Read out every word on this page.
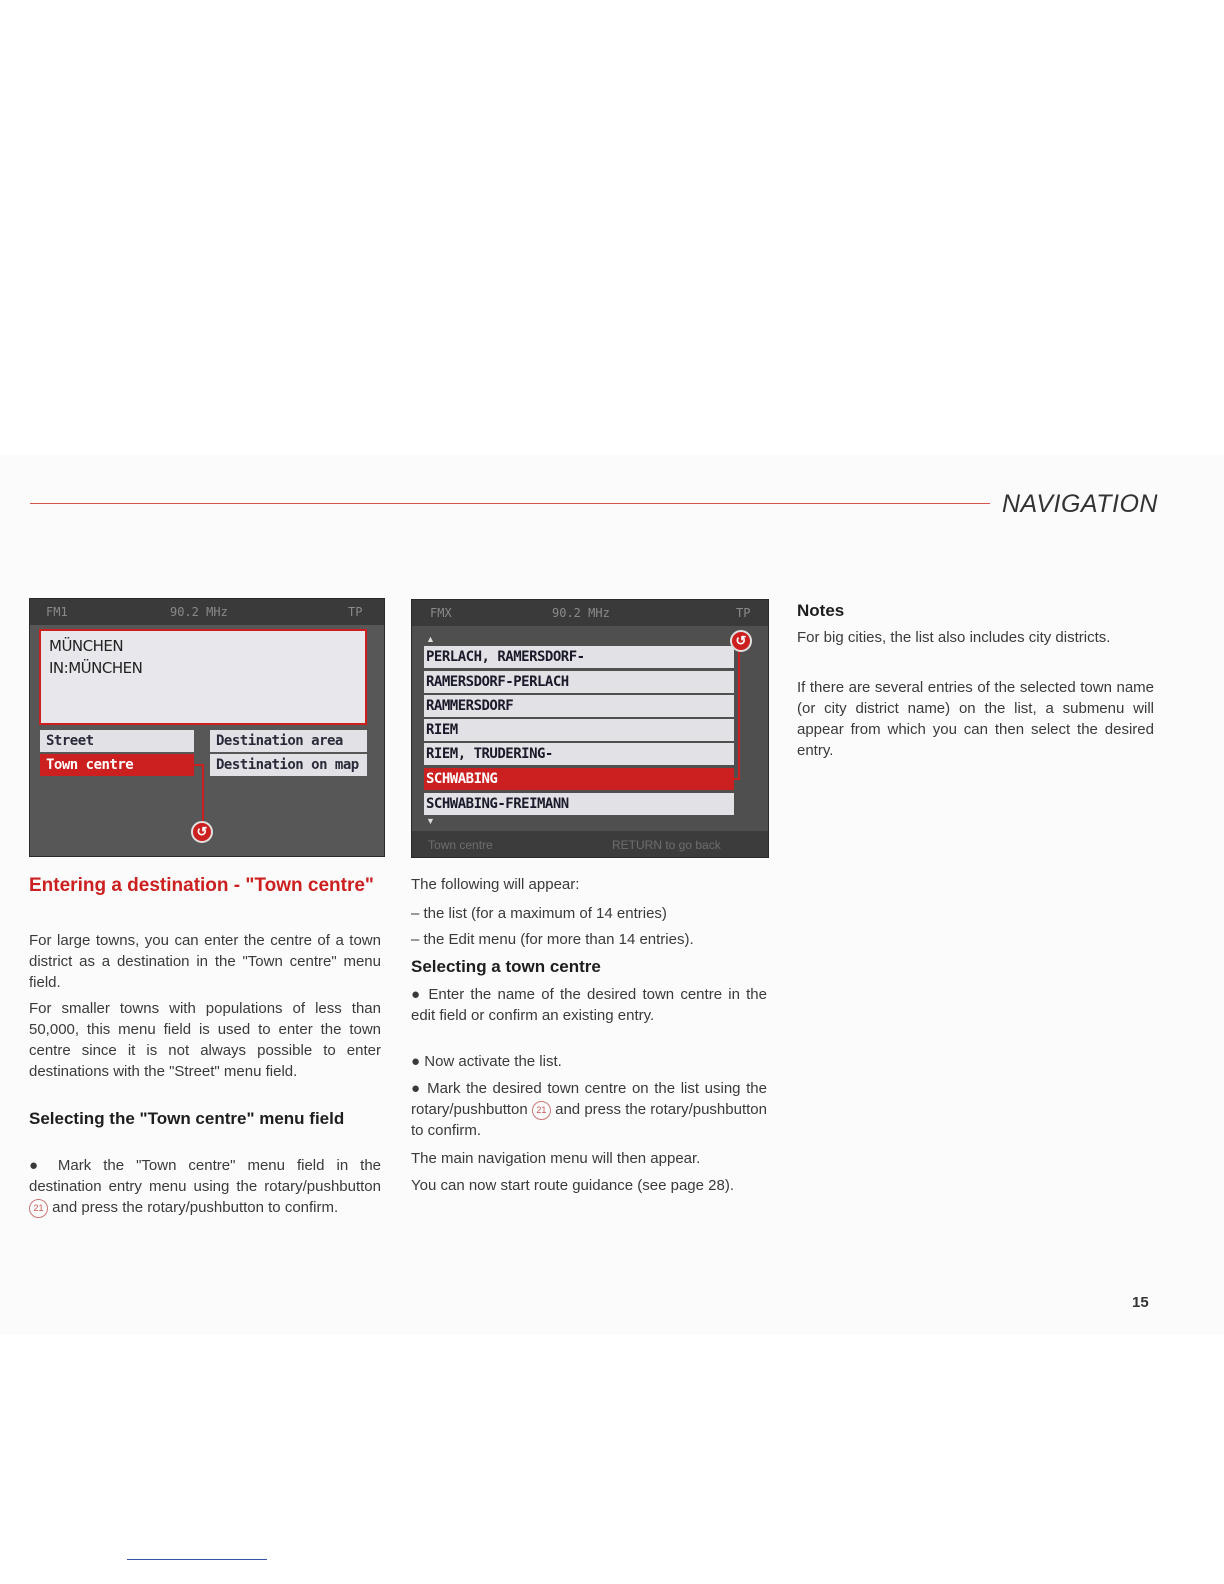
NAVIGATION
FM1	90.2 MHz	TP
MÜNCHEN
IN:MÜNCHEN
Street
Town centre
Destination area
Destination on map
↺
FMX	90.2 MHz	TP
▲
PERLACH, RAMERSDORF-
RAMERSDORF-PERLACH
RAMMERSDORF
RIEM
RIEM, TRUDERING-
SCHWABING
SCHWABING-FREIMANN
▼
↺
Town centre	RETURN to go back
Entering a destination - "Town centre"
For large towns, you can enter the centre of a town district as a destination in the "Town centre" menu field.
For smaller towns with populations of less than 50,000, this menu field is used to enter the town centre since it is not always possible to enter destinations with the "Street" menu field.
Selecting the "Town centre" menu field
● Mark the "Town centre" menu field in the destination entry menu using the rotary/pushbutton 21 and press the rotary/pushbutton to confirm.
The following will appear:
– the list (for a maximum of 14 entries)
– the Edit menu (for more than 14 entries).
Selecting a town centre
● Enter the name of the desired town centre in the edit field or confirm an existing entry.
● Now activate the list.
● Mark the desired town centre on the list using the rotary/pushbutton 21 and press the rotary/pushbutton to confirm.
The main navigation menu will then appear.
You can now start route guidance (see page 28).
Notes
For big cities, the list also includes city districts.
If there are several entries of the selected town name (or city district name) on the list, a submenu will appear from which you can then select the desired entry.
15
